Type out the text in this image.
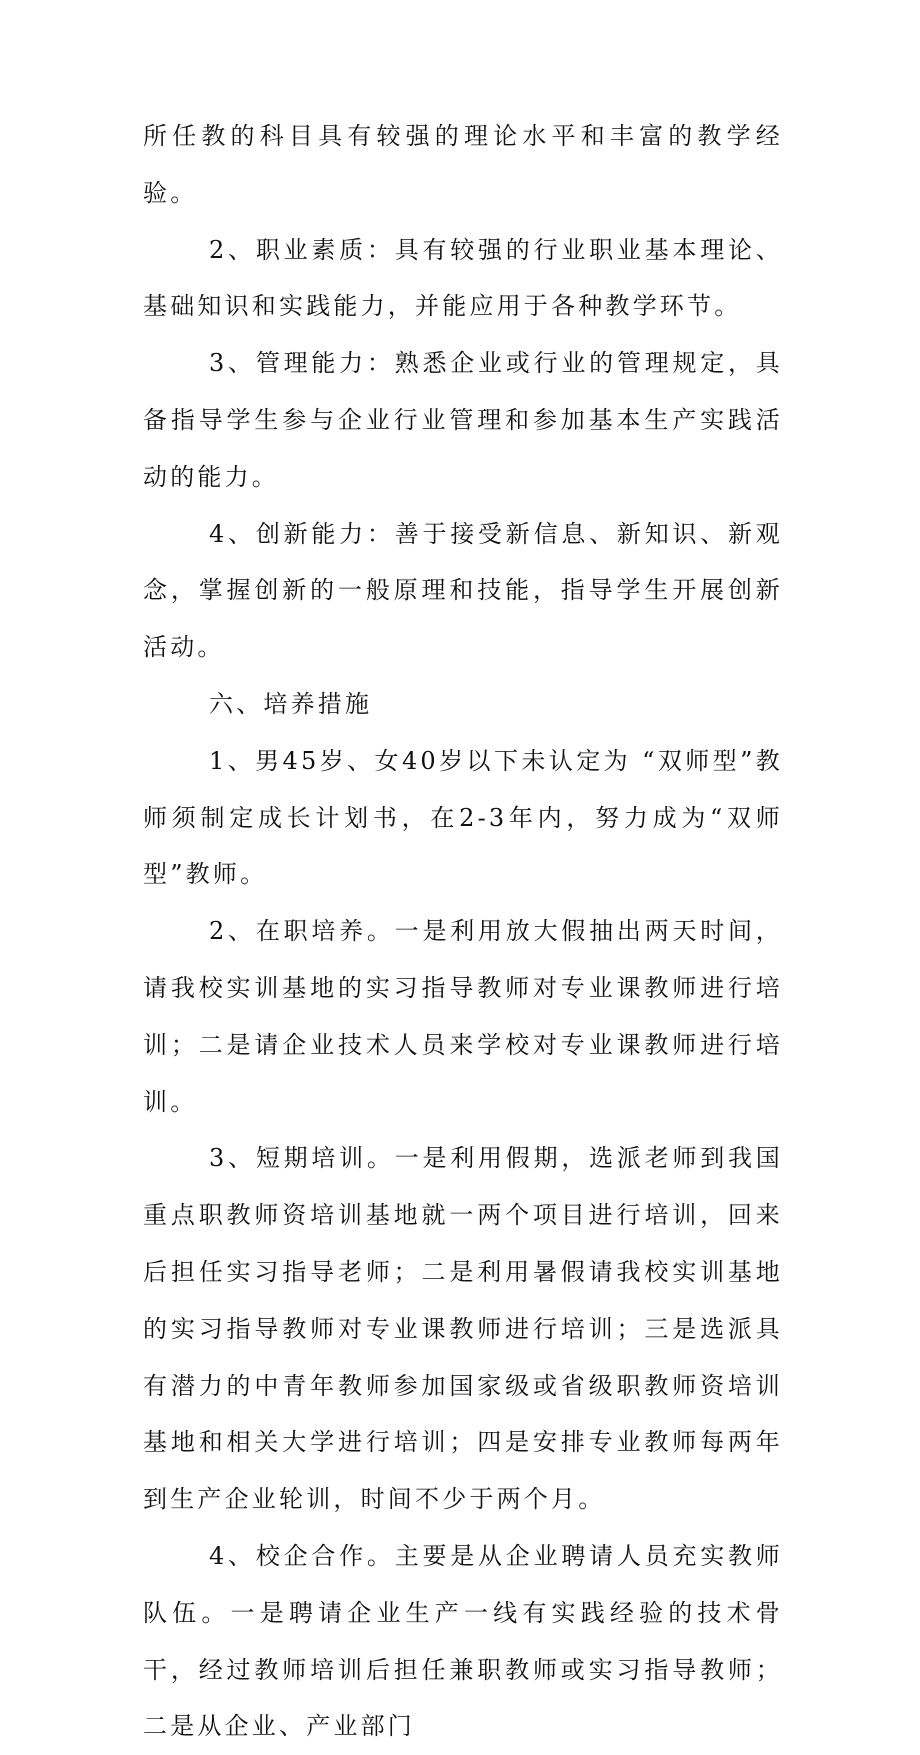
所任教的科目具有较强的理论水平和丰富的教学经验。

2、职业素质：具有较强的行业职业基本理论、基础知识和实践能力，并能应用于各种教学环节。

3、管理能力：熟悉企业或行业的管理规定，具备指导学生参与企业行业管理和参加基本生产实践活动的能力。

4、创新能力：善于接受新信息、新知识、新观念，掌握创新的一般原理和技能，指导学生开展创新活动。

六、培养措施

1、男45岁、女40岁以下未认定为 “双师型”教师须制定成长计划书，在2-3年内，努力成为“双师型”教师。

2、在职培养。一是利用放大假抽出两天时间，请我校实训基地的实习指导教师对专业课教师进行培训；二是请企业技术人员来学校对专业课教师进行培训。

3、短期培训。一是利用假期，选派老师到我国重点职教师资培训基地就一两个项目进行培训，回来后担任实习指导老师；二是利用暑假请我校实训基地的实习指导教师对专业课教师进行培训；三是选派具有潜力的中青年教师参加国家级或省级职教师资培训基地和相关大学进行培训；四是安排专业教师每两年到生产企业轮训，时间不少于两个月。

4、校企合作。主要是从企业聘请人员充实教师队伍。一是聘请企业生产一线有实践经验的技术骨干，经过教师培训后担任兼职教师或实习指导教师；二是从企业、产业部门
